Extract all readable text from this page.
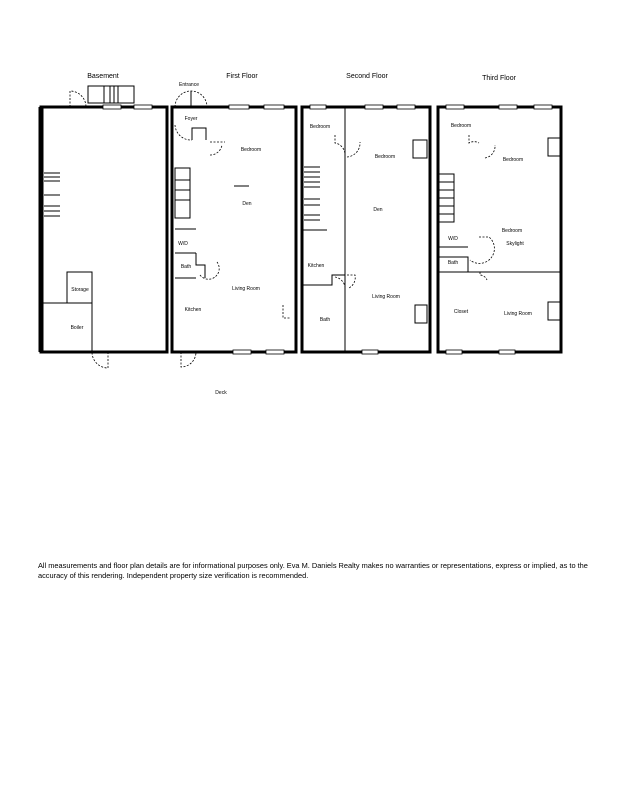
Basement	First Floor	Second Floor	Third Floor
Storage
Boiler
Entrance
Foyer
Bedroom
Den
W/D
Bath
Living Room
Kitchen
Deck
Bedroom
Bedroom
Den
Kitchen
Living Room
Bath
Bedroom
Bedroom
Bedroom
Skylight
W/D
Bath
Closet	Living Room
All measurements and floor plan details are for informational purposes only. Eva M. Daniels Realty makes no warranties or representations, express or implied, as to the accuracy of this rendering. Independent property size verification is recommended.
